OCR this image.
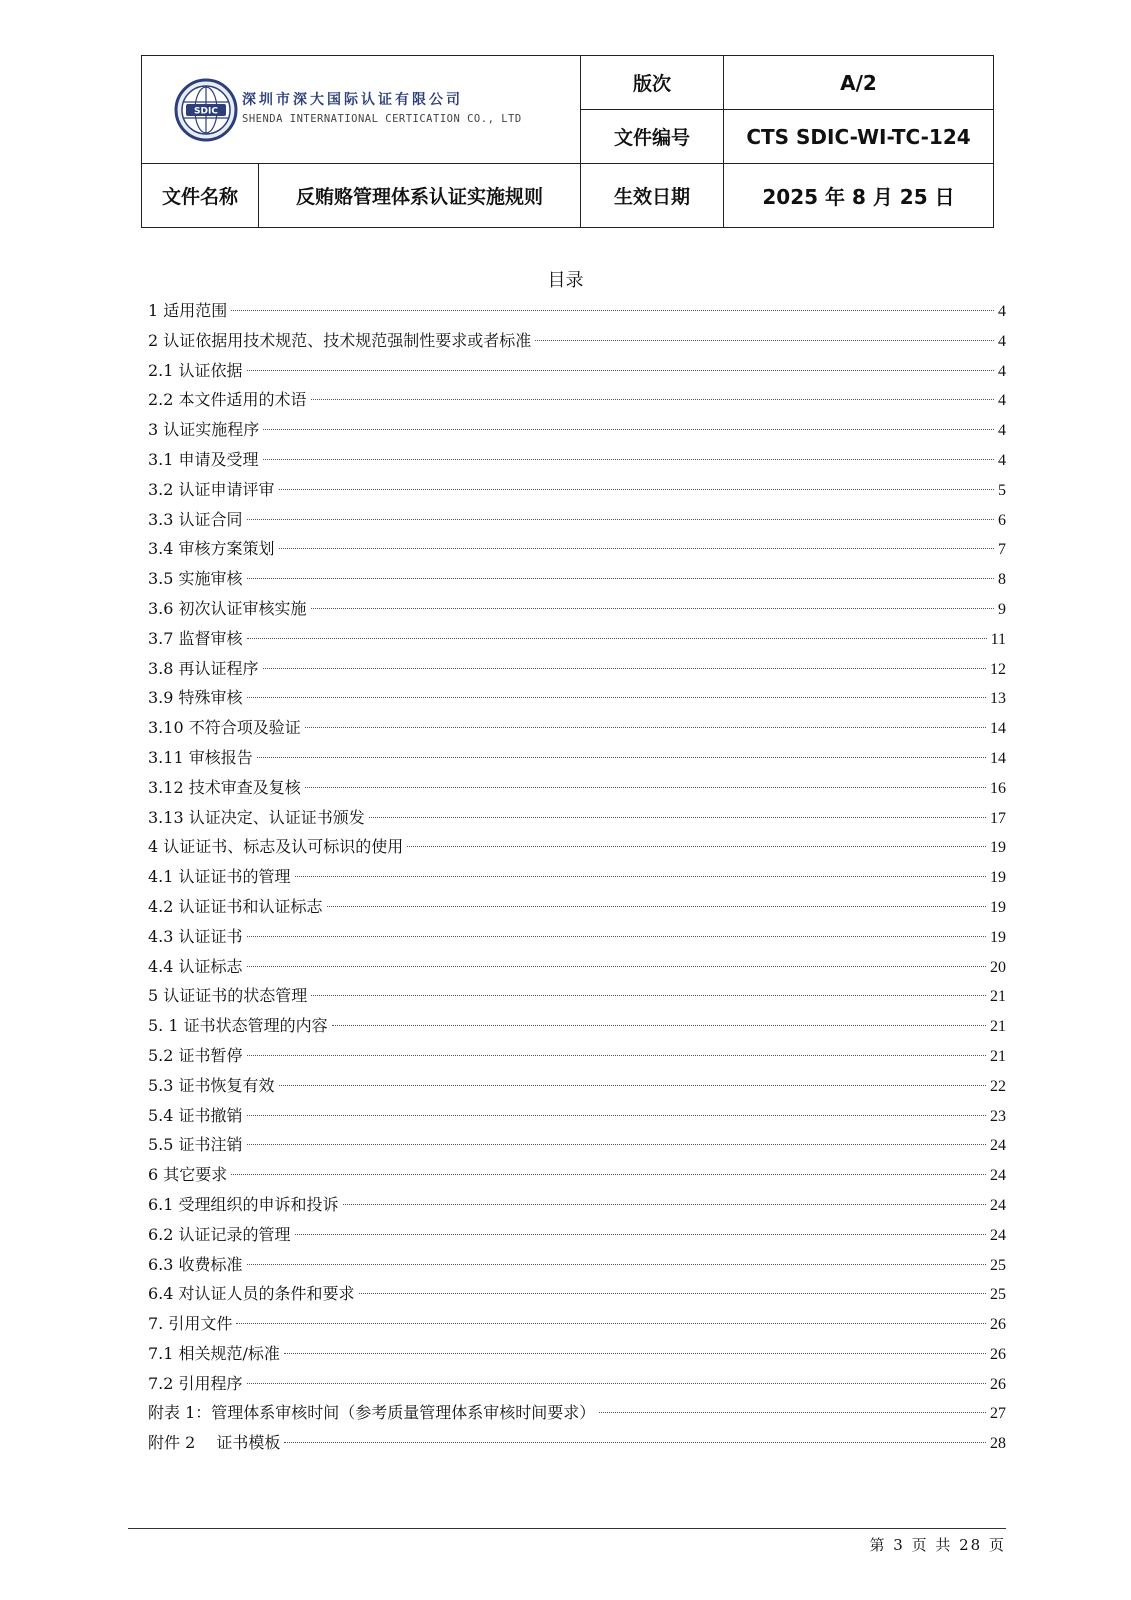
SDIC
深圳市深大国际认证有限公司
SHENDA INTERNATIONAL CERTICATION CO., LTD		版次	A/2
		文件编号	CTS SDIC-WI-TC-124
文件名称	反贿赂管理体系认证实施规则	生效日期	2025 年 8 月 25 日
目录
1 适用范围	4
2 认证依据用技术规范、技术规范强制性要求或者标准	4
2.1 认证依据	4
2.2 本文件适用的术语	4
3 认证实施程序	4
3.1 申请及受理	4
3.2 认证申请评审	5
3.3 认证合同	6
3.4 审核方案策划	7
3.5 实施审核	8
3.6 初次认证审核实施	9
3.7 监督审核	11
3.8 再认证程序	12
3.9 特殊审核	13
3.10 不符合项及验证	14
3.11 审核报告	14
3.12 技术审查及复核	16
3.13 认证决定、认证证书颁发	17
4 认证证书、标志及认可标识的使用	19
4.1 认证证书的管理	19
4.2 认证证书和认证标志	19
4.3 认证证书	19
4.4 认证标志	20
5 认证证书的状态管理	21
5. 1 证书状态管理的内容	21
5.2 证书暂停	21
5.3 证书恢复有效	22
5.4 证书撤销	23
5.5 证书注销	24
6 其它要求	24
6.1 受理组织的申诉和投诉	24
6.2 认证记录的管理	24
6.3 收费标准	25
6.4 对认证人员的条件和要求	25
7. 引用文件	26
7.1 相关规范/标准	26
7.2 引用程序	26
附表 1：管理体系审核时间（参考质量管理体系审核时间要求）	27
附件 2　 证书模板	28
第 3 页 共 28 页
